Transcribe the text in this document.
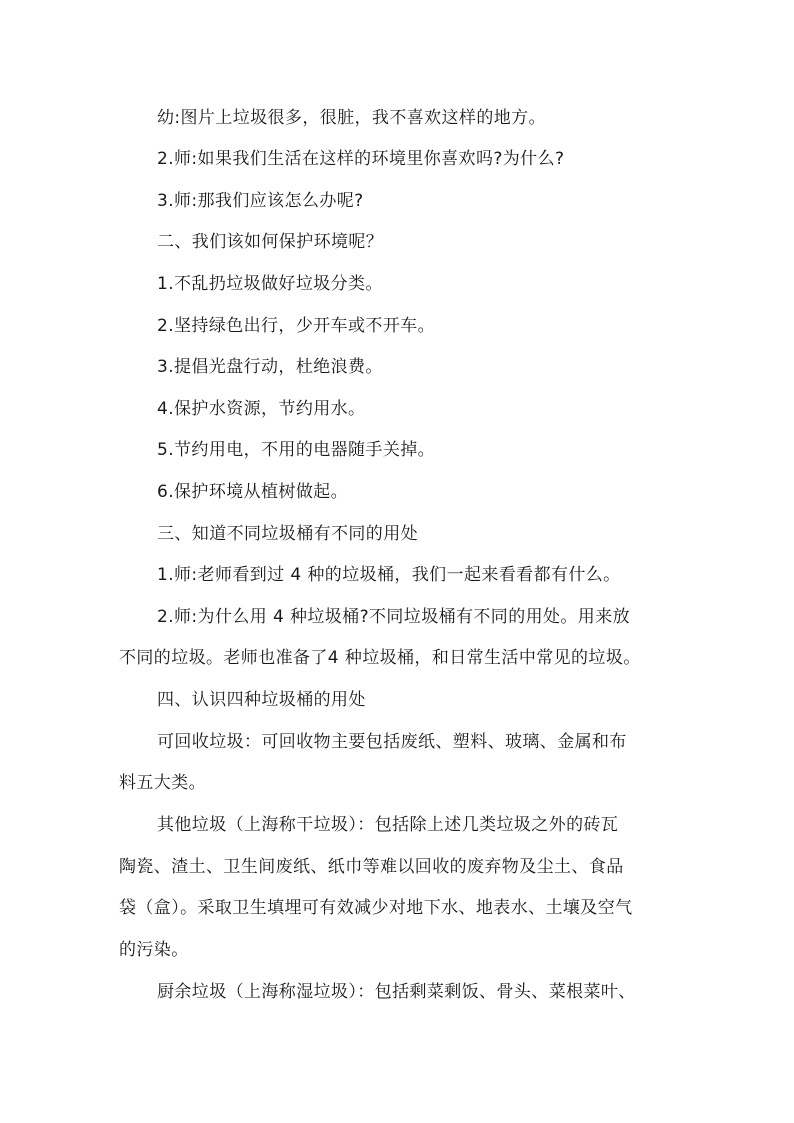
幼:图片上垃圾很多，很脏，我不喜欢这样的地方。
2.师:如果我们生活在这样的环境里你喜欢吗?为什么?
3.师:那我们应该怎么办呢?
二、我们该如何保护环境呢？
1.不乱扔垃圾做好垃圾分类。
2.坚持绿色出行，少开车或不开车。
3.提倡光盘行动，杜绝浪费。
4.保护水资源，节约用水。
5.节约用电，不用的电器随手关掉。
6.保护环境从植树做起。
三、知道不同垃圾桶有不同的用处
1.师:老师看到过 4 种的垃圾桶，我们一起来看看都有什么。
2.师:为什么用 4 种垃圾桶?不同垃圾桶有不同的用处。用来放
不同的垃圾。老师也准备了4 种垃圾桶，和日常生活中常见的垃圾。
四、认识四种垃圾桶的用处
可回收垃圾：可回收物主要包括废纸、塑料、玻璃、金属和布
料五大类。
其他垃圾（上海称干垃圾）：包括除上述几类垃圾之外的砖瓦
陶瓷、渣土、卫生间废纸、纸巾等难以回收的废弃物及尘土、食品
袋（盒）。采取卫生填埋可有效减少对地下水、地表水、土壤及空气
的污染。
厨余垃圾（上海称湿垃圾）：包括剩菜剩饭、骨头、菜根菜叶、
